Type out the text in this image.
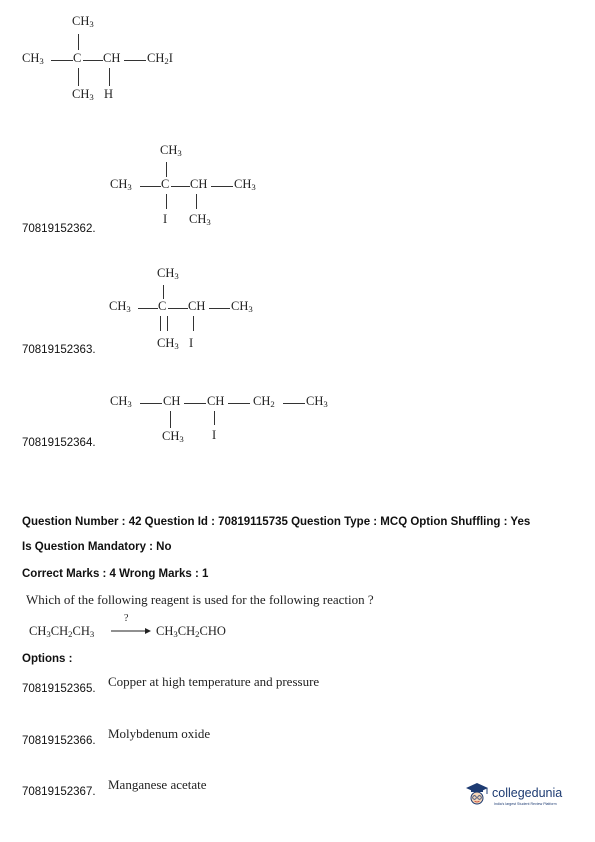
$CH_3$
$CH_3$ C CH $CH_2I$
$CH_3$ H
$CH_3$
$CH_3$ C CH $CH_3$
I $CH_3$
70819152362.
$CH_3$
$CH_3$ C CH $CH_3$
$CH_3$ I
70819152363.
$CH_3$	CH CH $CH_2$	$CH_3$
$CH_3$ I
70819152364.
Question Number : 42 Question Id : 70819115735 Question Type : MCQ Option Shuffling : Yes
Is Question Mandatory : No
Correct Marks : 4 Wrong Marks : 1
Which of the following reagent is used for the following reaction ?
$CH_3CH_2CH_3$
?
→ $CH_3CH_2CHO$
Options :
70819152365. Copper at high temperature and pressure
70819152366. Molybdenum oxide
70819152367. Manganese acetate
collegedunia
India's largest Student Review Platform
